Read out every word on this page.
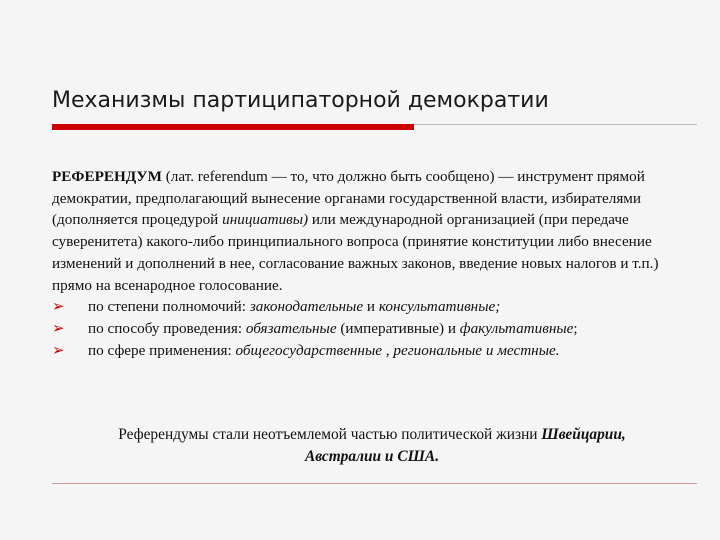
Механизмы партиципаторной демократии

РЕФЕРЕНДУМ (лат. referendum — то, что должно быть сообщено) — инструмент прямой демократии, предполагающий вынесение органами государственной власти, избирателями (дополняется процедурой инициативы) или международной организацией (при передаче суверенитета) какого-либо принципиального вопроса (принятие конституции либо внесение изменений и дополнений в нее, согласование важных законов, введение новых налогов и т.п.) прямо на всенародное голосование.

➢ по степени полномочий: законодательные и консультативные;
➢ по способу проведения: обязательные (императивные) и факультативные;
➢ по сфере применения: общегосударственные , региональные и местные.
Референдумы стали неотъемлемой частью политической жизни Швейцарии,
Австралии и США.
